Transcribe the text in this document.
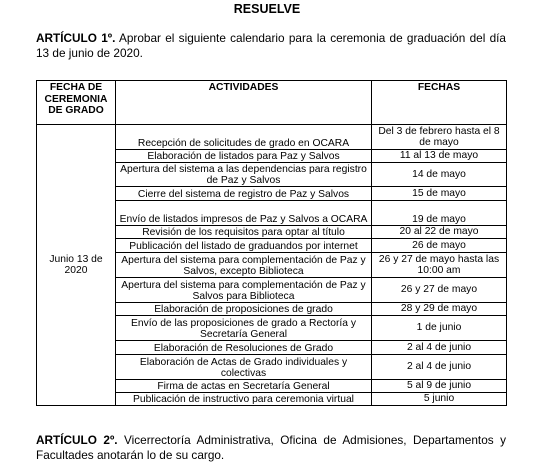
RESUELVE
ARTÍCULO 1º. Aprobar el siguiente calendario para la ceremonia de graduación del día 13 de junio de 2020.
FECHA DE CEREMONIA DE GRADO	ACTIVIDADES	FECHAS
Junio 13 de 2020	Recepción de solicitudes de grado en OCARA	Del 3 de febrero hasta el 8 de mayo
	Elaboración de listados para Paz y Salvos	11 al 13 de mayo
	Apertura del sistema a las dependencias para registro de Paz y Salvos	14 de mayo
	Cierre del sistema de registro de Paz y Salvos	15 de mayo
	Envío de listados impresos de Paz y Salvos a OCARA	19 de mayo
	Revisión de los requisitos para optar al título	20 al 22 de mayo
	Publicación del listado de graduandos por internet	26 de mayo
	Apertura del sistema para complementación de Paz y Salvos, excepto Biblioteca	26 y 27 de mayo hasta las 10:00 am
	Apertura del sistema para complementación de Paz y Salvos para Biblioteca	26 y 27 de mayo
	Elaboración de proposiciones de grado	28 y 29 de mayo
	Envío de las proposiciones de grado a Rectoría y Secretaría General	1 de junio
	Elaboración de Resoluciones de Grado	2 al 4 de junio
	Elaboración de Actas de Grado individuales y colectivas	2 al 4 de junio
	Firma de actas en Secretaría General	5 al 9 de junio
	Publicación de instructivo para ceremonia virtual	5 junio
ARTÍCULO 2º. Vicerrectoría Administrativa, Oficina de Admisiones, Departamentos y Facultades anotarán lo de su cargo.
